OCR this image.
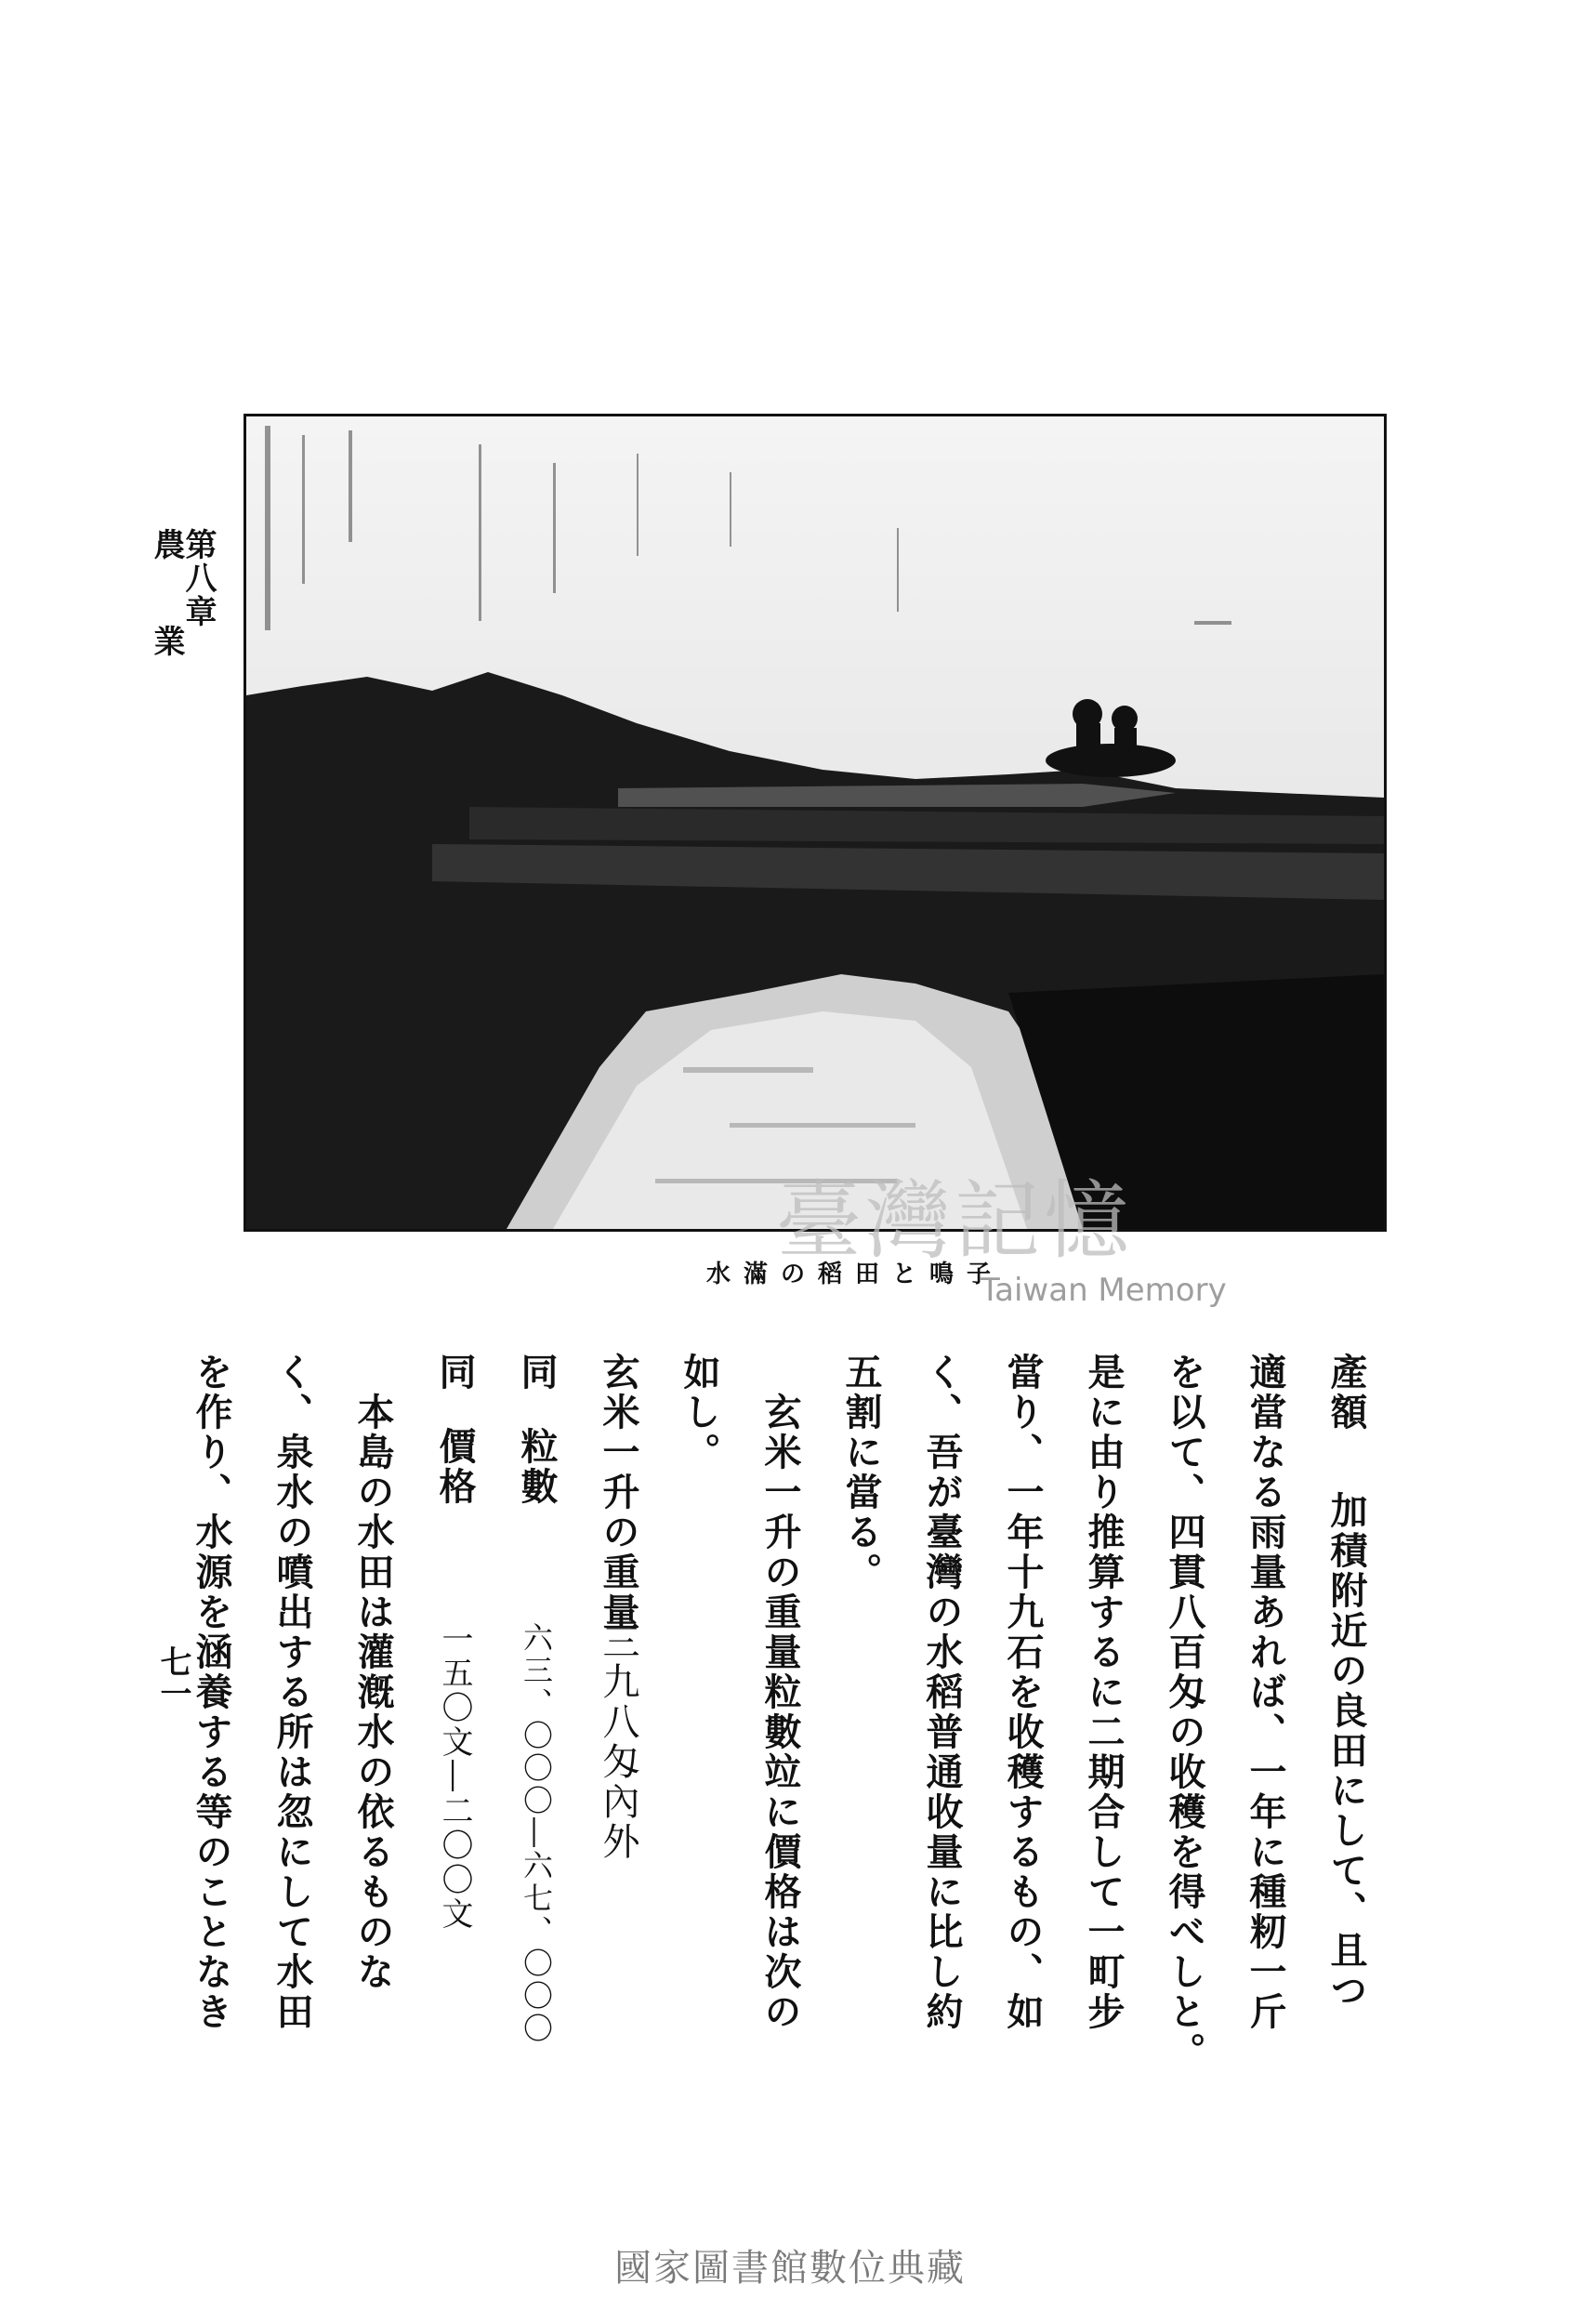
第八章
農業
子鳴と田稻の滿水
臺灣記憶
Taiwan Memory
產額　加積附近の良田にして、且つ
適當なる雨量あれば、一年に種籾一斤
を以て、四貫八百匁の收穫を得べしと。
是に由り推算するに二期合して一町步
當り、一年十九石を收穫するもの、如
く、吾が臺灣の水稻普通收量に比し約
五割に當る。
　玄米一升の重量粒數竝に價格は次の
如し。
玄米一升の重量三九八匁內外
同粒數六三、〇〇〇―六七、〇〇〇
同價格一五〇文―二〇〇文
　本島の水田は灌漑水の依るものな
く、泉水の噴出する所は忽にして水田
を作り、水源を涵養する等のことなき
七一
國家圖書館數位典藏
